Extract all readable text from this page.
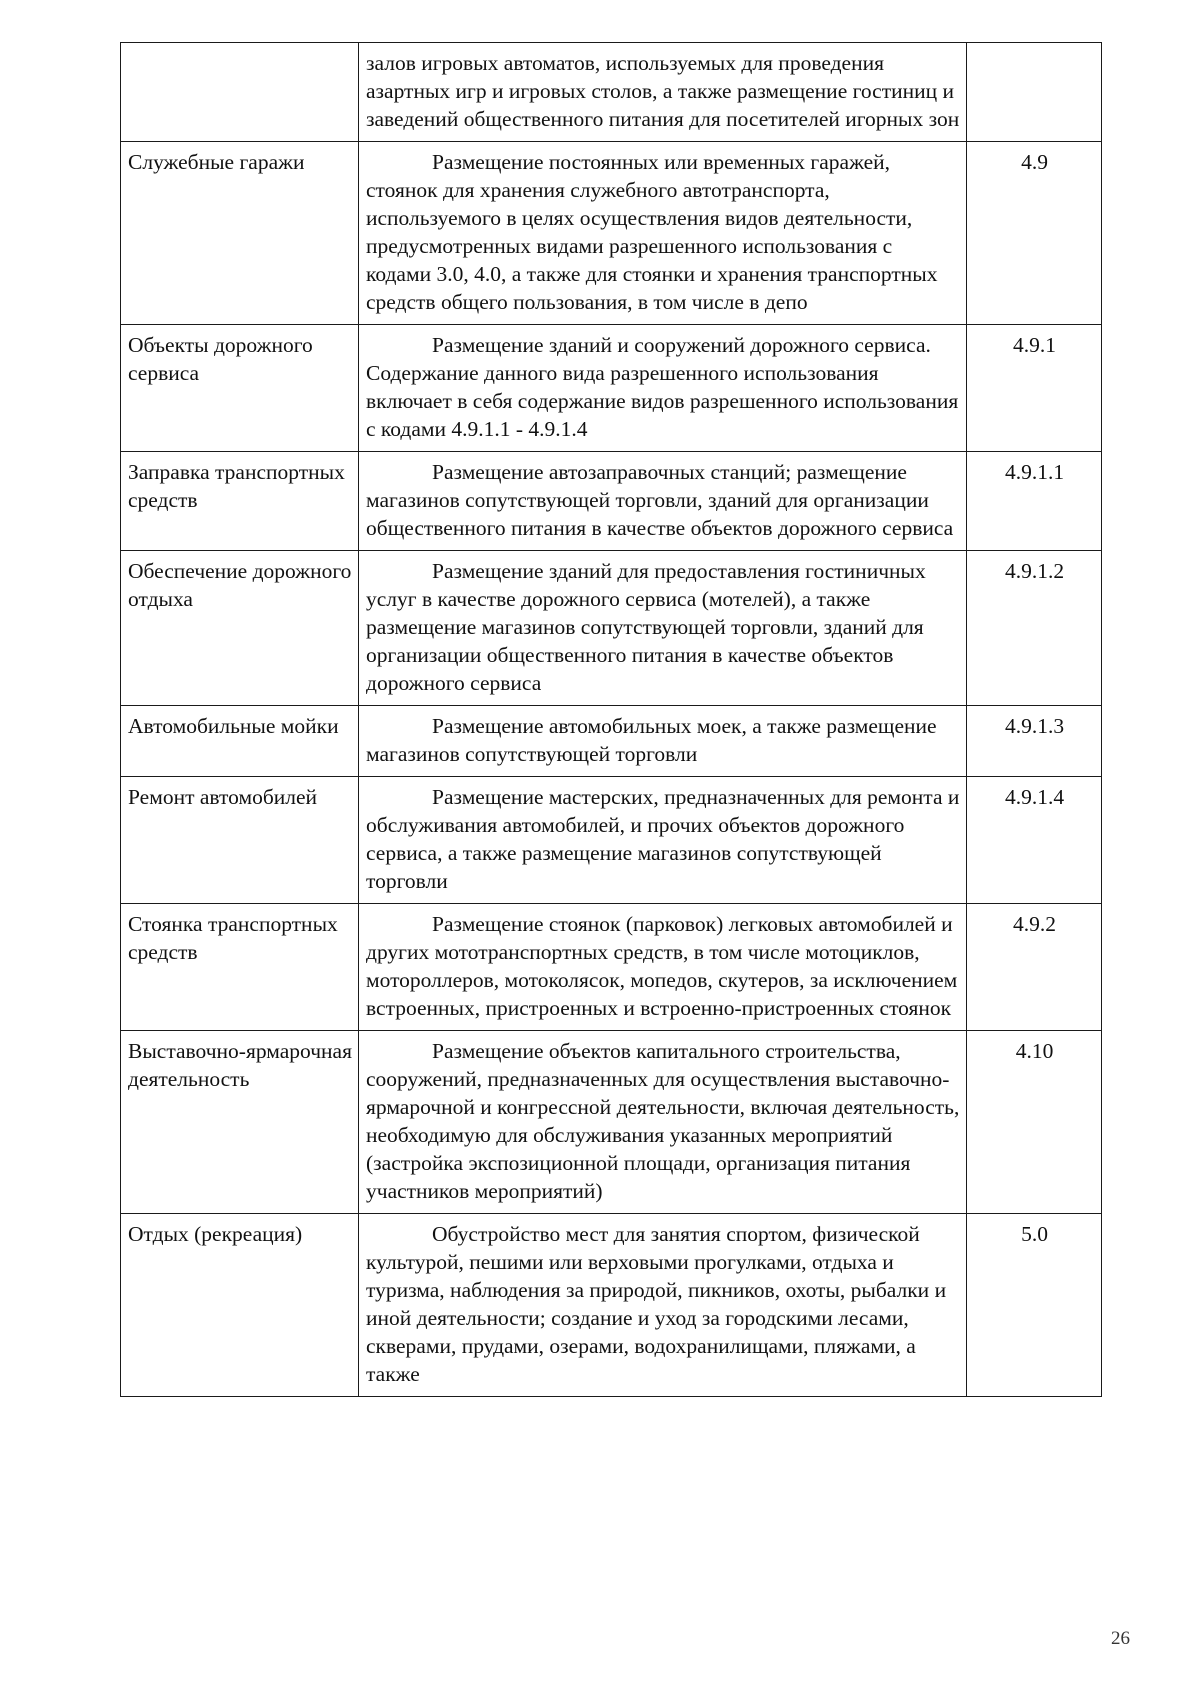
	залов игровых автоматов, используемых для проведения азартных игр и игровых столов, а также размещение гостиниц и заведений общественного питания для посетителей игорных зон	

Служебные гаражи	Размещение постоянных или временных гаражей, стоянок для хранения служебного автотранспорта, используемого в целях осуществления видов деятельности, предусмотренных видами разрешенного использования с кодами 3.0, 4.0, а также для стоянки и хранения транспортных средств общего пользования, в том числе в депо	4.9
Объекты дорожного сервиса	Размещение зданий и сооружений дорожного сервиса. Содержание данного вида разрешенного использования включает в себя содержание видов разрешенного использования с кодами 4.9.1.1 - 4.9.1.4	4.9.1
Заправка транспортных средств	Размещение автозаправочных станций; размещение магазинов сопутствующей торговли, зданий для организации общественного питания в качестве объектов дорожного сервиса	4.9.1.1
Обеспечение дорожного отдыха	Размещение зданий для предоставления гостиничных услуг в качестве дорожного сервиса (мотелей), а также размещение магазинов сопутствующей торговли, зданий для организации общественного питания в качестве объектов дорожного сервиса	4.9.1.2
Автомобильные мойки	Размещение автомобильных моек, а также размещение магазинов сопутствующей торговли	4.9.1.3
Ремонт автомобилей	Размещение мастерских, предназначенных для ремонта и обслуживания автомобилей, и прочих объектов дорожного сервиса, а также размещение магазинов сопутствующей торговли	4.9.1.4
Стоянка транспортных средств	Размещение стоянок (парковок) легковых автомобилей и других мототранспортных средств, в том числе мотоциклов, мотороллеров, мотоколясок, мопедов, скутеров, за исключением встроенных, пристроенных и встроенно-пристроенных стоянок	4.9.2
Выставочно-ярмарочная деятельность	Размещение объектов капитального строительства, сооружений, предназначенных для осуществления выставочно-ярмарочной и конгрессной деятельности, включая деятельность, необходимую для обслуживания указанных мероприятий (застройка экспозиционной площади, организация питания участников мероприятий)	4.10
Отдых (рекреация)	Обустройство мест для занятия спортом, физической культурой, пешими или верховыми прогулками, отдыха и туризма, наблюдения за природой, пикников, охоты, рыбалки и иной деятельности; создание и уход за городскими лесами, скверами, прудами, озерами, водохранилищами, пляжами, а также	5.0
26
